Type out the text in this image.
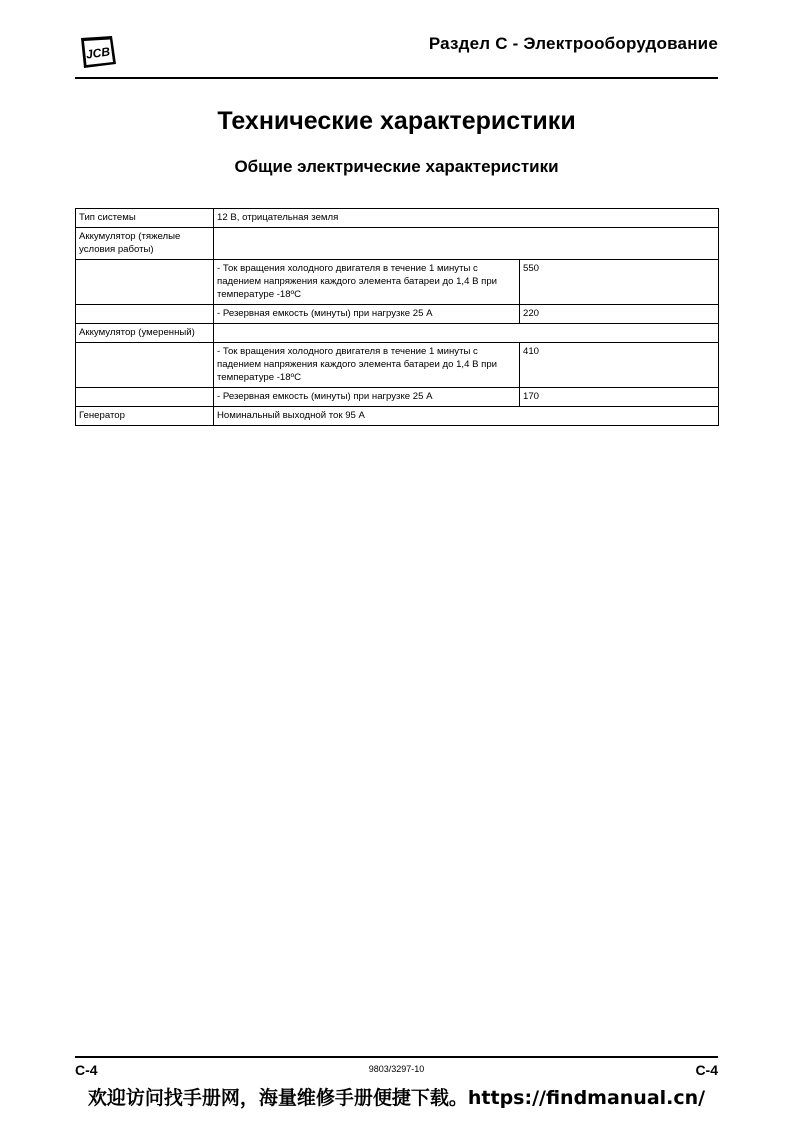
JCB	Раздел С - Электрооборудование
Технические характеристики
Общие электрические характеристики
Тип системы	12 В, отрицательная земля	
Аккумулятор (тяжелые условия работы)		
	- Ток вращения холодного двигателя в течение 1 минуты с падением напряжения каждого элемента батареи до 1,4 В при температуре -18ºС	550
	- Резервная емкость (минуты) при нагрузке 25 А	220
Аккумулятор (умеренный)		
	- Ток вращения холодного двигателя в течение 1 минуты с падением напряжения каждого элемента батареи до 1,4 В при температуре -18ºС	410
	- Резервная емкость (минуты) при нагрузке 25 А	170
Генератор	Номинальный выходной ток 95 А	
С-4	9803/3297-10	С-4
欢迎访问找手册网，海量维修手册便捷下载。https://findmanual.cn/
